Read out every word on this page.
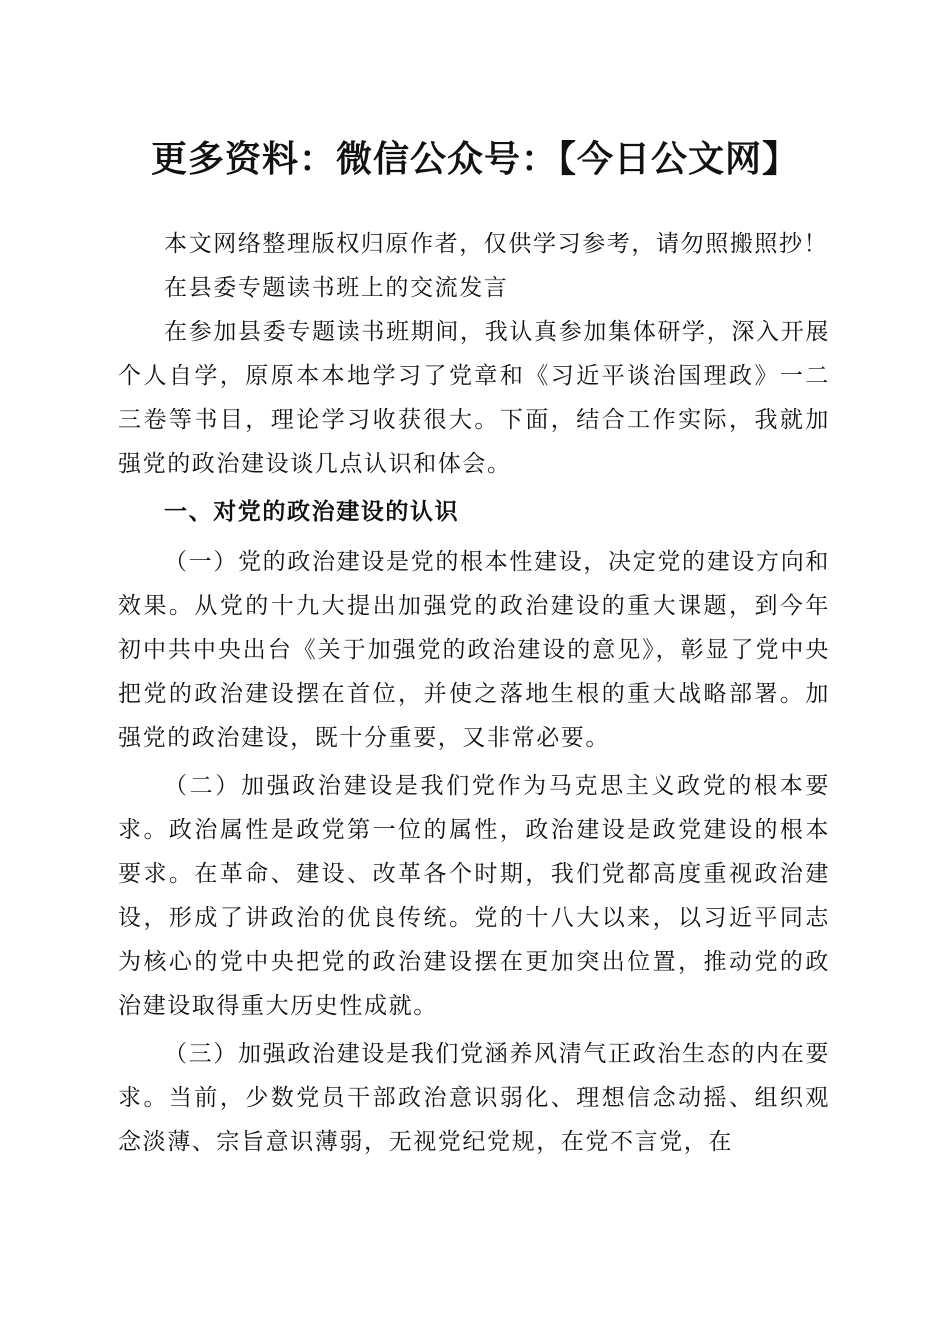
更多资料：微信公众号：【今日公文网】

本文网络整理版权归原作者，仅供学习参考，请勿照搬照抄！

在县委专题读书班上的交流发言

在参加县委专题读书班期间，我认真参加集体研学，深入开展个人自学，原原本本地学习了党章和《习近平谈治国理政》一二三卷等书目，理论学习收获很大。下面，结合工作实际，我就加强党的政治建设谈几点认识和体会。

一、对党的政治建设的认识

（一）党的政治建设是党的根本性建设，决定党的建设方向和效果。从党的十九大提出加强党的政治建设的重大课题，到今年初中共中央出台《关于加强党的政治建设的意见》，彰显了党中央把党的政治建设摆在首位，并使之落地生根的重大战略部署。加强党的政治建设，既十分重要，又非常必要。

（二）加强政治建设是我们党作为马克思主义政党的根本要求。政治属性是政党第一位的属性，政治建设是政党建设的根本要求。在革命、建设、改革各个时期，我们党都高度重视政治建设，形成了讲政治的优良传统。党的十八大以来，以习近平同志为核心的党中央把党的政治建设摆在更加突出位置，推动党的政治建设取得重大历史性成就。

（三）加强政治建设是我们党涵养风清气正政治生态的内在要求。当前，少数党员干部政治意识弱化、理想信念动摇、组织观念淡薄、宗旨意识薄弱，无视党纪党规，在党不言党，在
